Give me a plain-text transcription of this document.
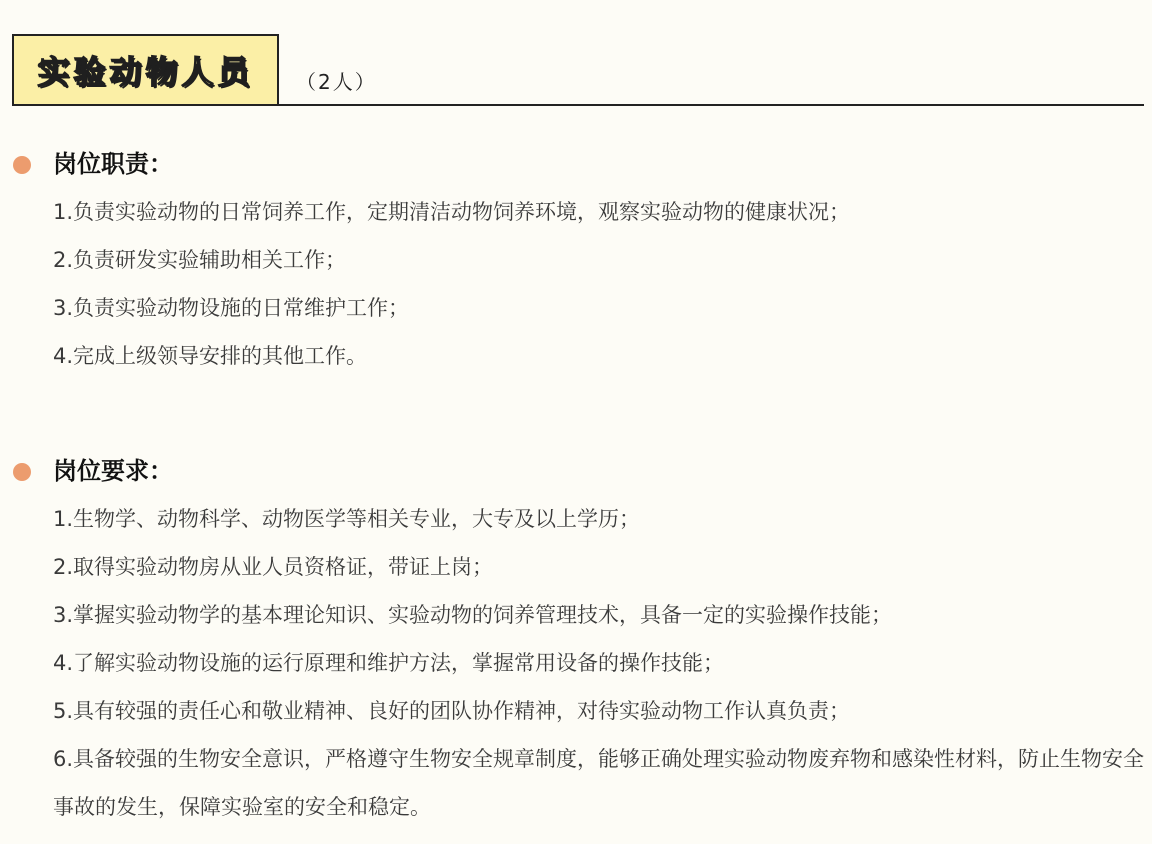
实验动物人员 （2人）
岗位职责：
1.负责实验动物的日常饲养工作，定期清洁动物饲养环境，观察实验动物的健康状况；
2.负责研发实验辅助相关工作；
3.负责实验动物设施的日常维护工作；
4.完成上级领导安排的其他工作。
岗位要求：
1.生物学、动物科学、动物医学等相关专业，大专及以上学历；
2.取得实验动物房从业人员资格证，带证上岗；
3.掌握实验动物学的基本理论知识、实验动物的饲养管理技术，具备一定的实验操作技能；
4.了解实验动物设施的运行原理和维护方法，掌握常用设备的操作技能；
5.具有较强的责任心和敬业精神、良好的团队协作精神，对待实验动物工作认真负责；
6.具备较强的生物安全意识，严格遵守生物安全规章制度，能够正确处理实验动物废弃物和感染性材料，防止生物安全事故的发生，保障实验室的安全和稳定。
